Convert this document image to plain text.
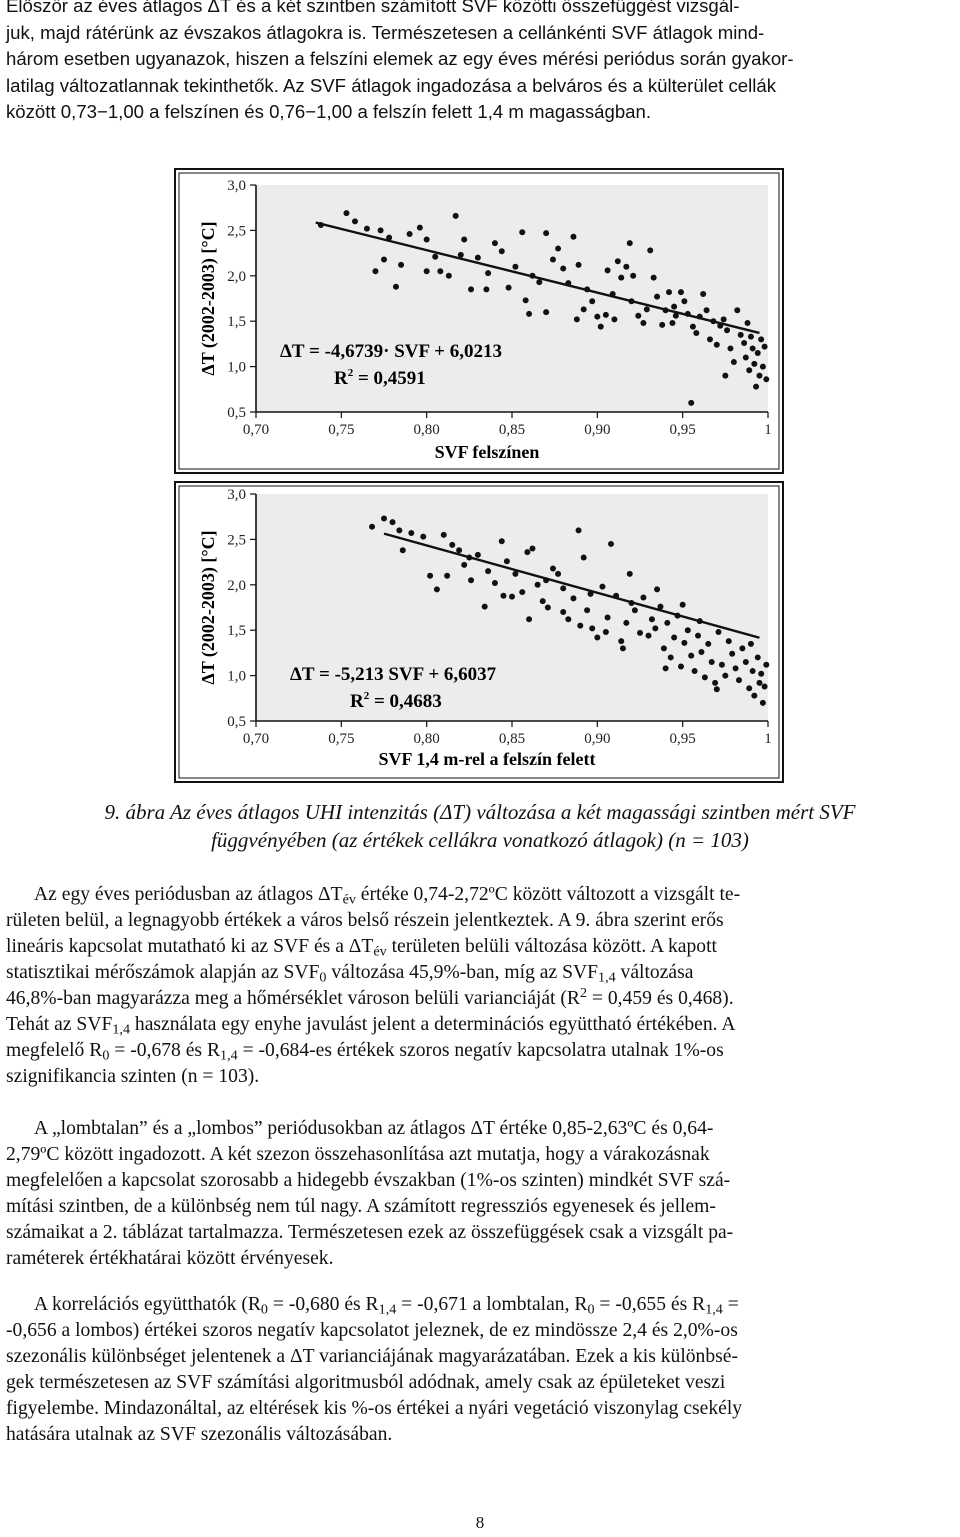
Először az éves átlagos ΔT és a két szintben számított SVF közötti összefüggést vizsgál-
juk, majd rátérünk az évszakos átlagokra is. Természetesen a cellánkénti SVF átlagok mind-
három esetben ugyanazok, hiszen a felszíni elemek az egy éves mérési periódus során gyakor-
latilag változatlannak tekinthetők. Az SVF átlagok ingadozása a belváros és a külterület cellák
között 0,73−1,00 a felszínen és 0,76−1,00 a felszín felett 1,4 m magasságban.
3,0
2,5
2,0
1,5
1,0
0,5
0,70	0,75	0,80	0,85	0,90	0,95	1
SVF felszínen
ΔT (2002-2003) [°C]	ΔT = -4,6739· SVF + 6,0213
$R^2 = 0,4591$
3,0
2,5
2,0
1,5
1,0
0,5
0,70	0,75	0,80	0,85	0,90	0,95	1
SVF 1,4 m-rel a felszín felett
ΔT (2002-2003) [°C]	ΔT = -5,213 SVF + 6,6037
$R^2 = 0,4683$
9. ábra Az éves átlagos UHI intenzitás (ΔT) változása a két magassági szintben mért SVF
függvényében (az értékek cellákra vonatkozó átlagok) (n = 103)
Az egy éves periódusban az átlagos $\Delta T_{év}$ értéke 0,74-2,72ºC között változott a vizsgált te-
rületen belül, a legnagyobb értékek a város belső részein jelentkeztek. A 9. ábra szerint erős
lineáris kapcsolat mutatható ki az SVF és a $\Delta T_{év}$ területen belüli változása között. A kapott
statisztikai mérőszámok alapján az $SVF_0$ változása 45,9%-ban, míg az $SVF_{1,4}$ változása
46,8%-ban magyarázza meg a hőmérséklet városon belüli varianciáját ($R^2 = 0,459$ és 0,468).
Tehát az $SVF_{1,4}$ használata egy enyhe javulást jelent a determinációs együttható értékében. A
megfelelő $R_0 = -0,678$ és $R_{1,4} = -0,684-es$ értékek szoros negatív kapcsolatra utalnak 1%-os
szignifikancia szinten (n = 103).
A „lombtalan” és a „lombos” periódusokban az átlagos ΔT értéke 0,85-2,63ºC és 0,64-
2,79ºC között ingadozott. A két szezon összehasonlítása azt mutatja, hogy a várakozásnak
megfelelően a kapcsolat szorosabb a hidegebb évszakban (1%-os szinten) mindkét SVF szá-
mítási szintben, de a különbség nem túl nagy. A számított regressziós egyenesek és jellem-
számaikat a 2. táblázat tartalmazza. Természetesen ezek az összefüggések csak a vizsgált pa-
raméterek értékhatárai között érvényesek.
A korrelációs együtthatók ($R_0 = -0,680$ és $R_{1,4} = -0,671$ a lombtalan, $R_0 = -0,655$ és $R_{1,4}$ =
-0,656 a lombos) értékei szoros negatív kapcsolatot jeleznek, de ez mindössze 2,4 és 2,0%-os
szezonális különbséget jelentenek a ΔT varianciájának magyarázatában. Ezek a kis különbsé-
gek természetesen az SVF számítási algoritmusból adódnak, amely csak az épületeket veszi
figyelembe. Mindazonáltal, az eltérések kis %-os értékei a nyári vegetáció viszonylag csekély
hatására utalnak az SVF szezonális változásában.
8
